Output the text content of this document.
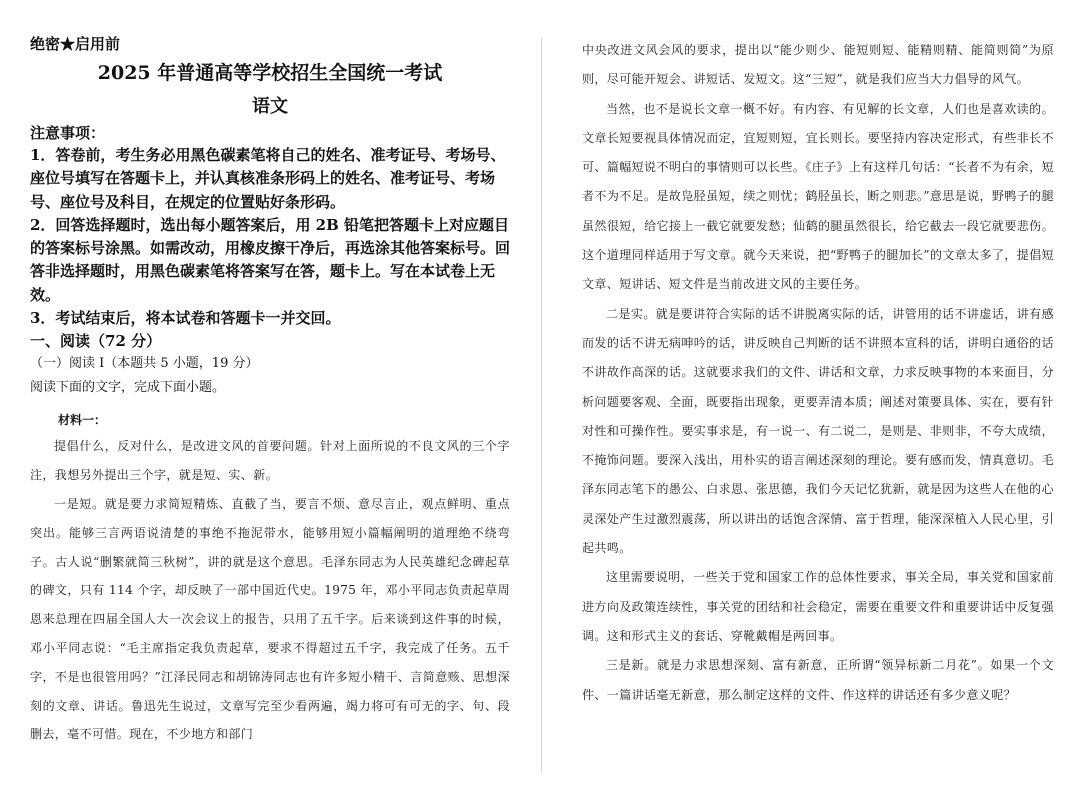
绝密★启用前
2025 年普通高等学校招生全国统一考试
语文
注意事项：

1．答卷前，考生务必用黑色碳素笔将自己的姓名、准考证号、考场号、座位号填写在答题卡上，并认真核准条形码上的姓名、准考证号、考场号、座位号及科目，在规定的位置贴好条形码。

2．回答选择题时，选出每小题答案后，用 2B 铅笔把答题卡上对应题目的答案标号涂黑。如需改动，用橡皮擦干净后，再选涂其他答案标号。回答非选择题时，用黑色碳素笔将答案写在答，题卡上。写在本试卷上无效。

3．考试结束后，将本试卷和答题卡一并交回。

一、阅读（72 分）
（一）阅读 I（本题共 5 小题，19 分）
阅读下面的文字，完成下面小题。
材料一：

提倡什么，反对什么，是改进文风的首要问题。针对上面所说的不良文风的三个字注，我想另外提出三个字，就是短、实、新。

一是短。就是要力求简短精炼、直截了当，要言不烦、意尽言止，观点鲜明、重点突出。能够三言两语说清楚的事绝不拖泥带水，能够用短小篇幅阐明的道理绝不绕弯子。古人说“删繁就简三秋树”，讲的就是这个意思。毛泽东同志为人民英雄纪念碑起草的碑文，只有 114 个字，却反映了一部中国近代史。1975 年，邓小平同志负责起草周恩来总理在四届全国人大一次会议上的报告，只用了五千字。后来谈到这件事的时候，邓小平同志说：“毛主席指定我负责起草，要求不得超过五千字，我完成了任务。五千字，不是也很管用吗？”江泽民同志和胡锦涛同志也有许多短小精干、言简意赅、思想深刻的文章、讲话。鲁迅先生说过，文章写完至少看两遍，竭力将可有可无的字、句、段删去，毫不可惜。现在，不少地方和部门

中央改进文风会风的要求，提出以“能少则少、能短则短、能精则精、能简则简”为原则，尽可能开短会、讲短话、发短文。这“三短”，就是我们应当大力倡导的风气。

当然，也不是说长文章一概不好。有内容、有见解的长文章，人们也是喜欢读的。文章长短要视具体情况而定，宜短则短，宜长则长。要坚持内容决定形式，有些非长不可、篇幅短说不明白的事情则可以长些。《庄子》上有这样几句话：“长者不为有余，短者不为不足。是故凫胫虽短，续之则忧；鹤胫虽长，断之则悲。”意思是说，野鸭子的腿虽然很短，给它接上一截它就要发愁；仙鹤的腿虽然很长，给它截去一段它就要悲伤。这个道理同样适用于写文章。就今天来说，把“野鸭子的腿加长”的文章太多了，提倡短文章、短讲话、短文件是当前改进文风的主要任务。

二是实。就是要讲符合实际的话不讲脱离实际的话，讲管用的话不讲虚话，讲有感而发的话不讲无病呻吟的话，讲反映自己判断的话不讲照本宣科的话，讲明白通俗的话不讲故作高深的话。这就要求我们的文件、讲话和文章，力求反映事物的本来面目，分析问题要客观、全面，既要指出现象，更要弄清本质；阐述对策要具体、实在，要有针对性和可操作性。要实事求是，有一说一、有二说二，是则是、非则非，不夸大成绩，不掩饰问题。要深入浅出，用朴实的语言阐述深刻的理论。要有感而发，情真意切。毛泽东同志笔下的愚公、白求恩、张思德，我们今天记忆犹新，就是因为这些人在他的心灵深处产生过激烈震荡，所以讲出的话饱含深情、富于哲理，能深深植入人民心里，引起共鸣。

这里需要说明，一些关于党和国家工作的总体性要求，事关全局，事关党和国家前进方向及政策连续性，事关党的团结和社会稳定，需要在重要文件和重要讲话中反复强调。这和形式主义的套话、穿靴戴帽是两回事。

三是新。就是力求思想深刻、富有新意，正所谓“领异标新二月花”。如果一个文件、一篇讲话毫无新意，那么制定这样的文件、作这样的讲话还有多少意义呢？
